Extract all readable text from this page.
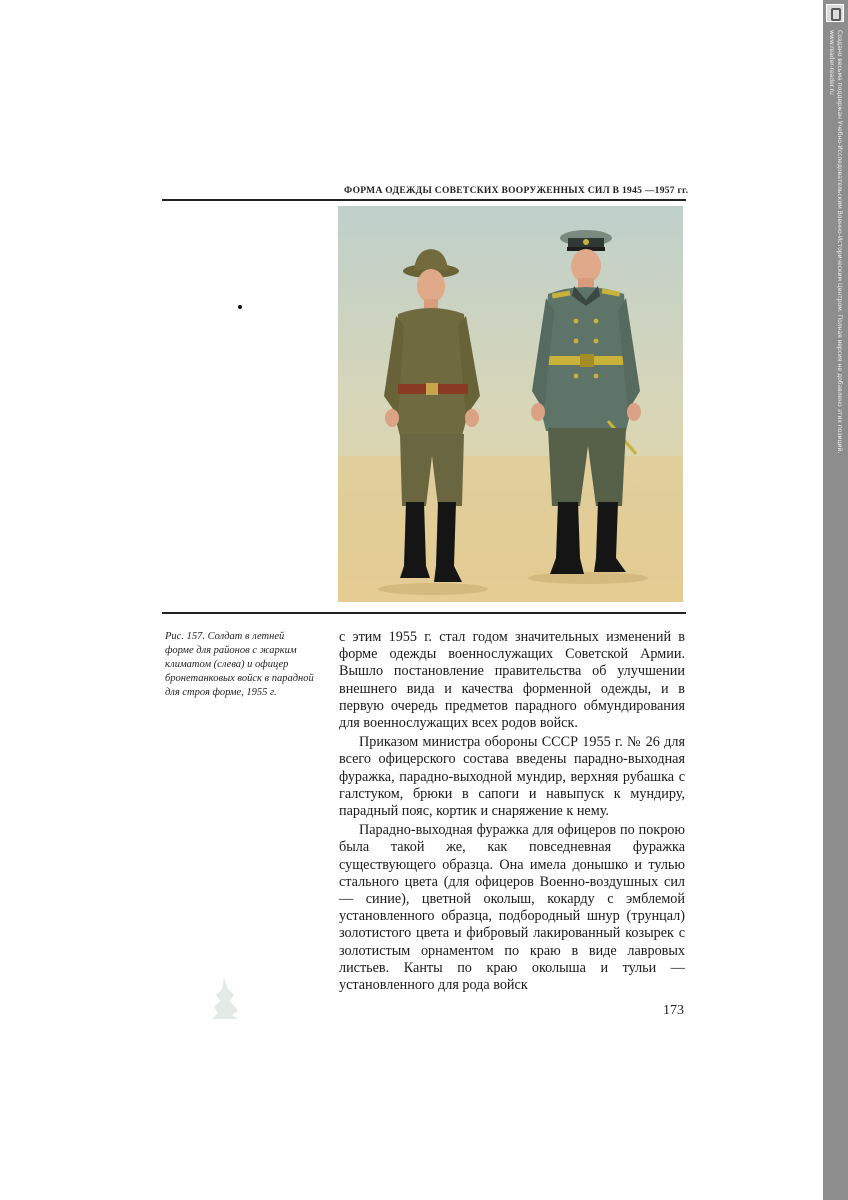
Создано весьма поддержан Учебно-Исследовательским Военно-Историческим Центром. Полная версия не добавлено этих позиций.
www.reader-reader.ru
ФОРМА ОДЕЖДЫ СОВЕТСКИХ ВООРУЖЕННЫХ СИЛ В 1945 —1957 гг.
Рис. 157. Солдат в летней форме для районов с жарким климатом (слева) и офицер бронетанковых войск в парадной для строя форме, 1955 г.

с этим 1955 г. стал годом значительных изменений в форме одежды военнослужащих Советской Армии. Вышло постановление правительства об улучшении внешнего вида и качества форменной одежды, и в первую очередь предметов парадного обмундирования для военнослужащих всех родов войск.

Приказом министра обороны СССР 1955 г. № 26 для всего офицерского состава введены парадно-выходная фуражка, парадно-выходной мундир, верхняя рубашка с галстуком, брюки в сапоги и навыпуск к мундиру, парадный пояс, кортик и снаряжение к нему.

Парадно-выходная фуражка для офицеров по покрою была такой же, как повседневная фуражка существующего образца. Она имела донышко и тулью стального цвета (для офицеров Военно-воздушных сил — синие), цветной околыш, кокарду с эмблемой установленного образца, подбородный шнур (трунцал) золотистого цвета и фибровый лакированный козырек с золотистым орнаментом по краю в виде лавровых листьев. Канты по краю околыша и тульи — установленного для рода войск

173
